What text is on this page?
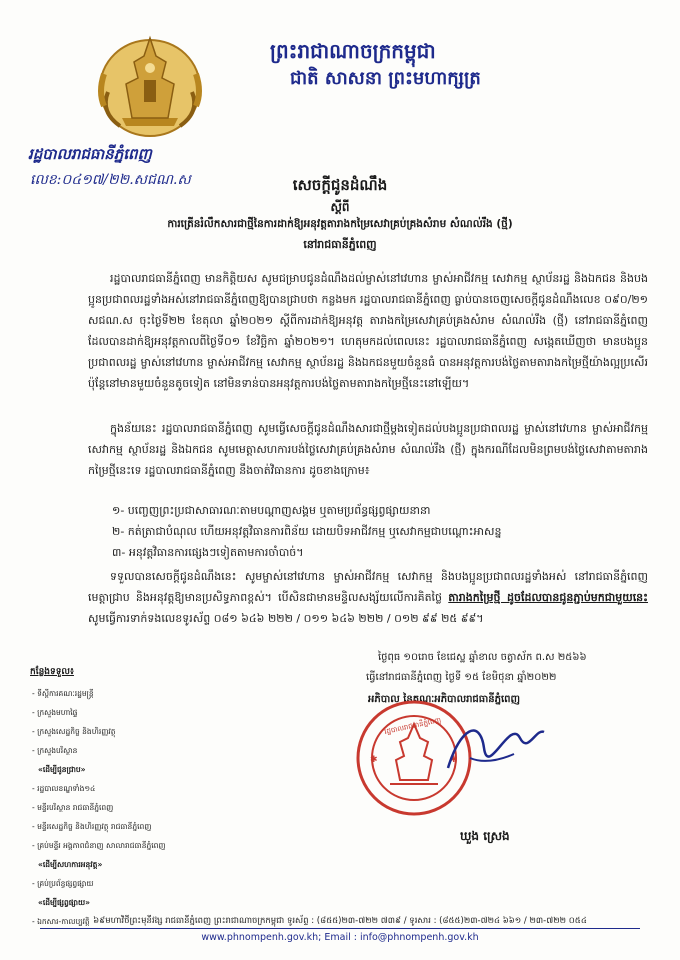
ព្រះរាជាណាចក្រកម្ពុជា
ជាតិ សាសនា ព្រះមហាក្សត្រ
រដ្ឋបាលរាជធានីភ្នំពេញ
លេខ:០៤១៧/២២.សជណ.ស	សេចក្តីជូនដំណឹង
ស្តីពី
ការត្រើនរំលឹកសារជាថ្មីនៃការដាក់ឱ្យអនុវត្តតារាងកម្រៃសេវាគ្រប់គ្រងសំរាម សំណល់រឹង (ថ្មី)
នៅរាជធានីភ្នំពេញ
រដ្ឋបាលរាជធានីភ្នំពេញ មានកិត្តិយស សូមជម្រាបជូនដំណឹងដល់ម្ចាស់នៅវេហាន ម្ចាស់អាជីវកម្ម សេវាកម្ម ស្ថាប័នរដ្ឋ និងឯកជន និងបងប្អូនប្រជាពលរដ្ឋទាំងអស់នៅរាជធានីភ្នំពេញឱ្យបានជ្រាបថា កន្លងមក រដ្ឋបាលរាជធានីភ្នំពេញ ធ្លាប់បានចេញសេចក្តីជូនដំណឹងលេខ ០៩០/២១ សជណ.ស ចុះថ្ងៃទី២២ ខែតុលា ឆ្នាំ២០២១ ស្តីពីការដាក់ឱ្យអនុវត្ត តារាងកម្រៃសេវាគ្រប់គ្រងសំរាម សំណល់រឹង (ថ្មី) នៅរាជធានីភ្នំពេញ ដែលបានដាក់ឱ្យអនុវត្តកាលពីថ្ងៃទី០១ ខែវិច្ឆិកា ឆ្នាំ២០២១។ ហេតុមកដល់ពេលនេះ រដ្ឋបាលរាជធានីភ្នំពេញ សង្កេតឃើញថា មានបងប្អូនប្រជាពលរដ្ឋ ម្ចាស់នៅវេហាន ម្ចាស់អាជីវកម្ម សេវាកម្ម ស្ថាប័នរដ្ឋ និងឯកជនមួយចំនួនធំ បានអនុវត្តការបង់ថ្លៃតាមតារាងកម្រៃថ្មីយ៉ាងល្អប្រសើរ ប៉ុន្តែនៅមានមួយចំនួនតូចទៀត នៅមិនទាន់បានអនុវត្តការបង់ថ្លៃតាមតារាងកម្រៃថ្មីនេះនៅឡើយ។
ក្នុងន័យនេះ រដ្ឋបាលរាជធានីភ្នំពេញ សូមធ្វើសេចក្តីជូនដំណឹងសារជាថ្មីម្តងទៀតដល់បងប្អូនប្រជាពលរដ្ឋ ម្ចាស់នៅវេហាន ម្ចាស់អាជីវកម្ម សេវាកម្ម ស្ថាប័នរដ្ឋ និងឯកជន សូមមេត្តាសហការបង់ថ្លៃសេវាគ្រប់គ្រងសំរាម សំណល់រឹង (ថ្មី) ក្នុងករណីដែលមិនព្រមបង់ថ្លៃសេវាតាមតារាងកម្រៃថ្មីនេះទេ រដ្ឋបាលរាជធានីភ្នំពេញ នឹងចាត់វិធានការ ដូចខាងក្រោម៖
១- បញ្ចេញព្រះប្រជាសាធារណៈតាមបណ្តាញសង្គម ឬតាមប្រព័ន្ធផ្សព្វផ្សាយនានា
២- កត់ត្រាជាបំណុល ហើយអនុវត្តវិធានការពិន័យ ដោយបិទអាជីវកម្ម ឬសេវាកម្មជាបណ្តោះអាសន្ន
៣- អនុវត្តវិធានការផ្សេងៗទៀតតាមការចាំបាច់។
ទទួលបានសេចក្តីជូនដំណឹងនេះ សូមម្ចាស់នៅវេហាន ម្ចាស់អាជីវកម្ម សេវាកម្ម និងបងប្អូនប្រជាពលរដ្ឋទាំងអស់ នៅរាជធានីភ្នំពេញ មេត្តាជ្រាប និងអនុវត្តឱ្យមានប្រសិទ្ធភាពខ្ពស់។ បើសិនជាមានមន្ទិលសង្ស័យលើការគិតថ្លៃ តារាងកម្រៃថ្មី ដូចដែលបានជូនភ្ជាប់មកជាមួយនេះ សូមធ្វើការទាក់ទងលេខទូរស័ព្ទ ០៨១ ៦៤៦ ២២២ / ០១១ ៦៤៦ ២២២ / ០១២ ៩៩ ២៥ ៩៩។
ថ្ងៃពុធ ១០រោច ខែជេស្ឋ ឆ្នាំខាល ចត្វាស័ក ព.ស ២៥៦៦
ធ្វើនៅរាជធានីភ្នំពេញ ថ្ងៃទី ១៥ ខែមិថុនា ឆ្នាំ២០២២
អភិបាល នៃគណៈអភិបាលរាជធានីភ្នំពេញ
✱	✱
រដ្ឋបាលរាជធានីភ្នំពេញ
ឃួង ស្រេង
កន្លែងទទួល៖
- ទីស្តីការគណៈរដ្ឋមន្ត្រី
- ក្រសួងមហាផ្ទៃ
- ក្រសួងសេដ្ឋកិច្ច និងហិរញ្ញវត្ថុ
- ក្រសួងបរិស្ថាន
«ដើម្បីជូនជ្រាប»
- រដ្ឋបាលខណ្ឌទាំង១៤
- មន្ទីរបរិស្ថាន រាជធានីភ្នំពេញ
- មន្ទីរសេដ្ឋកិច្ច និងហិរញ្ញវត្ថុ រាជធានីភ្នំពេញ
- គ្រប់មន្ទីរ អង្គភាពជំនាញ សាលារាជធានីភ្នំពេញ
«ដើម្បីសហការអនុវត្ត»
- គ្រប់ប្រព័ន្ធផ្សព្វផ្សាយ
«ដើម្បីផ្សព្វផ្សាយ»
- ឯកសារ-កាលប្បវត្តិ ៦៩មហាវិថីព្រះមុនីវង្ស រាជធានីភ្នំពេញ ព្រះរាជាណាចក្រកម្ពុជា ទូរស័ព្ទ : (៨៥៥)២៣-៧២២ ៧៣៩ / ទូរសារ : (៨៥៥)២៣-៧២៤ ៦៦១ / ២៣-៧២២ ០៥៤
www.phnompenh.gov.kh; Email : info@phnompenh.gov.kh
